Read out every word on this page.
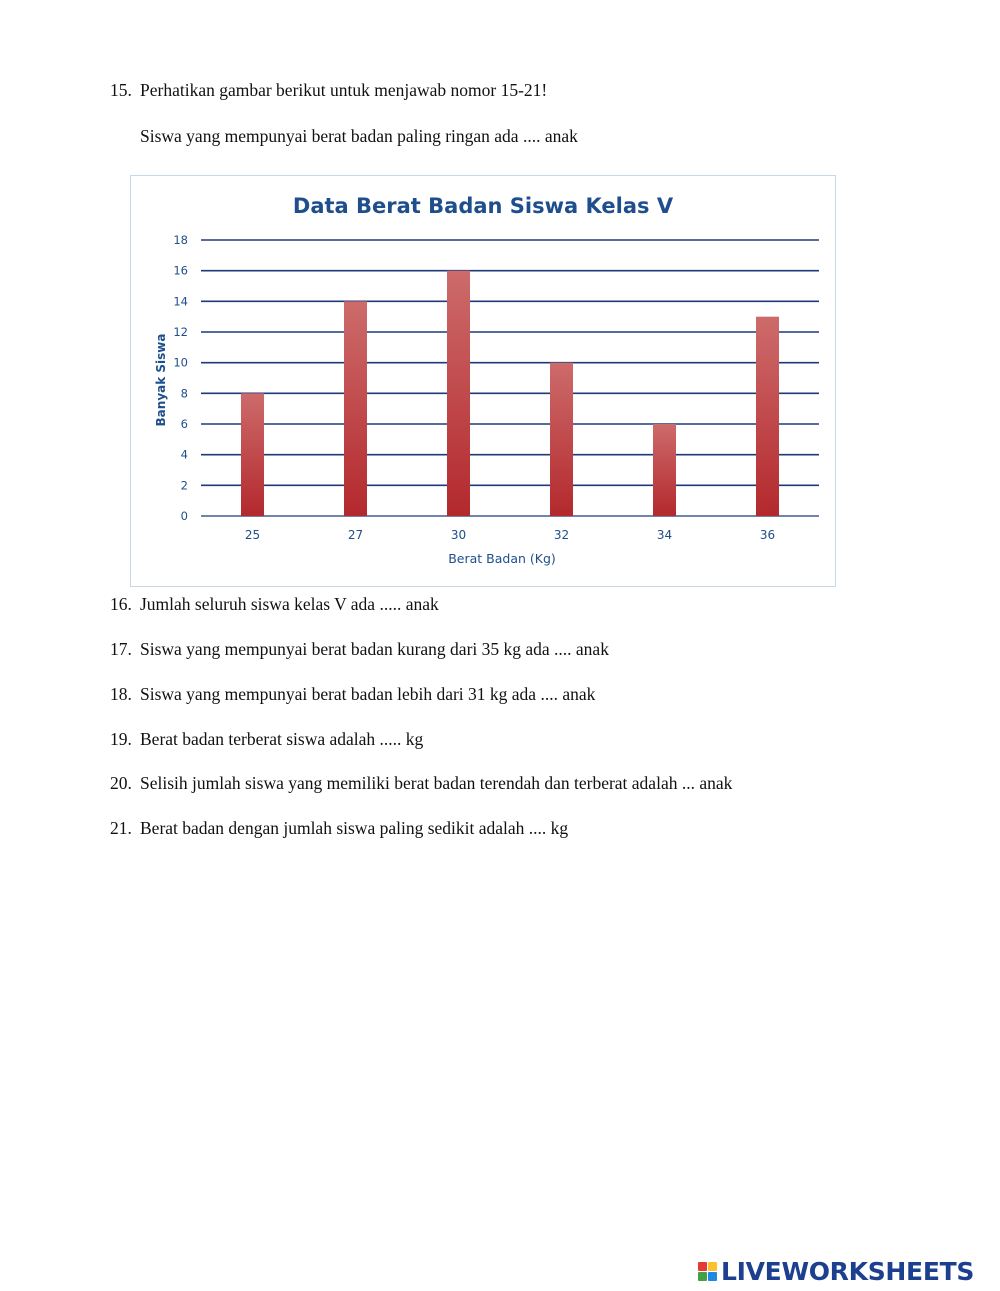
15. Perhatikan gambar berikut untuk menjawab nomor 15-21!
Siswa yang mempunyai berat badan paling ringan ada .... anak
0
2
4
6
8
10
12
14
16
18
25	27	30	32	34	36
Data Berat Badan Siswa Kelas V
Berat Badan (Kg)
Banyak Siswa
16. Jumlah seluruh siswa kelas V ada ..... anak
17. Siswa yang mempunyai berat badan kurang dari 35 kg ada .... anak
18. Siswa yang mempunyai berat badan lebih dari 31 kg ada .... anak
19. Berat badan terberat siswa adalah ..... kg
20. Selisih jumlah siswa yang memiliki berat badan terendah dan terberat adalah ... anak
21. Berat badan dengan jumlah siswa paling sedikit adalah .... kg
LIVEWORKSHEETS
